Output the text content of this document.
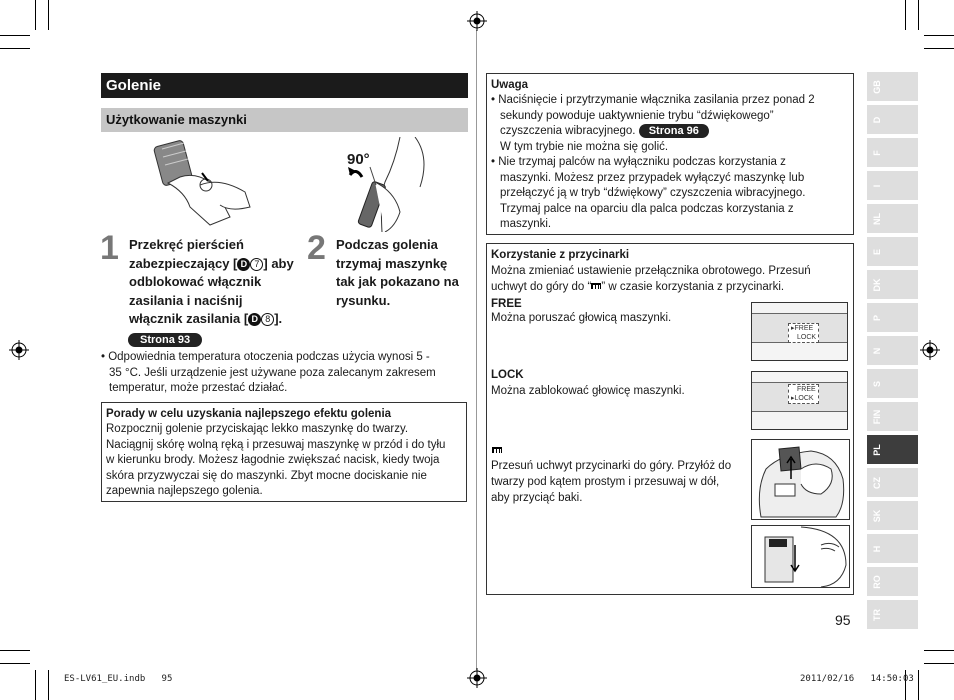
Golenie
Użytkowanie maszynki
90°
1 Przekręć pierścień
zabezpieczający [ D 7 ] aby
odblokować włącznik
zasilania i naciśnij
włącznik zasilania [ D 8 ].
Strona 93
2 Podczas golenia
trzymaj maszynkę
tak jak pokazano na
rysunku.
• Odpowiednia temperatura otoczenia podczas użycia wynosi 5 -
35 °C. Jeśli urządzenie jest używane poza zalecanym zakresem
temperatur, może przestać działać.
Porady w celu uzyskania najlepszego efektu golenia
Rozpocznij golenie przyciskając lekko maszynkę do twarzy.
Naciągnij skórę wolną ręką i przesuwaj maszynkę w przód i do tyłu
w kierunku brody. Możesz łagodnie zwiększać nacisk, kiedy twoja
skóra przyzwyczai się do maszynki. Zbyt mocne dociskanie nie
zapewnia najlepszego golenia.
Uwaga
• Naciśnięcie i przytrzymanie włącznika zasilania przez ponad 2
sekundy powoduje uaktywnienie trybu “dźwiękowego”
czyszczenia wibracyjnego. Strona 96
W tym trybie nie można się golić.
• Nie trzymaj palców na wyłączniku podczas korzystania z
maszynki. Możesz przez przypadek wyłączyć maszynkę lub
przełączyć ją w tryb “dźwiękowy” czyszczenia wibracyjnego.
Trzymaj palce na oparciu dla palca podczas korzystania z
maszynki.
Korzystanie z przycinarki
Można zmieniać ustawienie przełącznika obrotowego. Przesuń
uchwyt do góry do “ ” w czasie korzystania z przycinarki.
FREE
Można poruszać głowicą maszynki.
LOCK
Można zablokować głowicę maszynki.
Przesuń uchwyt przycinarki do góry. Przyłóż do
twarzy pod kątem prostym i przesuwaj w dół,
aby przyciąć baki.
▸FREE
LOCK
FREE
▸LOCK
GB
D
F
I
NL
E
DK
P
N
S
FIN
PL
CZ
SK
H
RO
TR
95
ES-LV61_EU.indb 95	2011/02/16 14:50:03
